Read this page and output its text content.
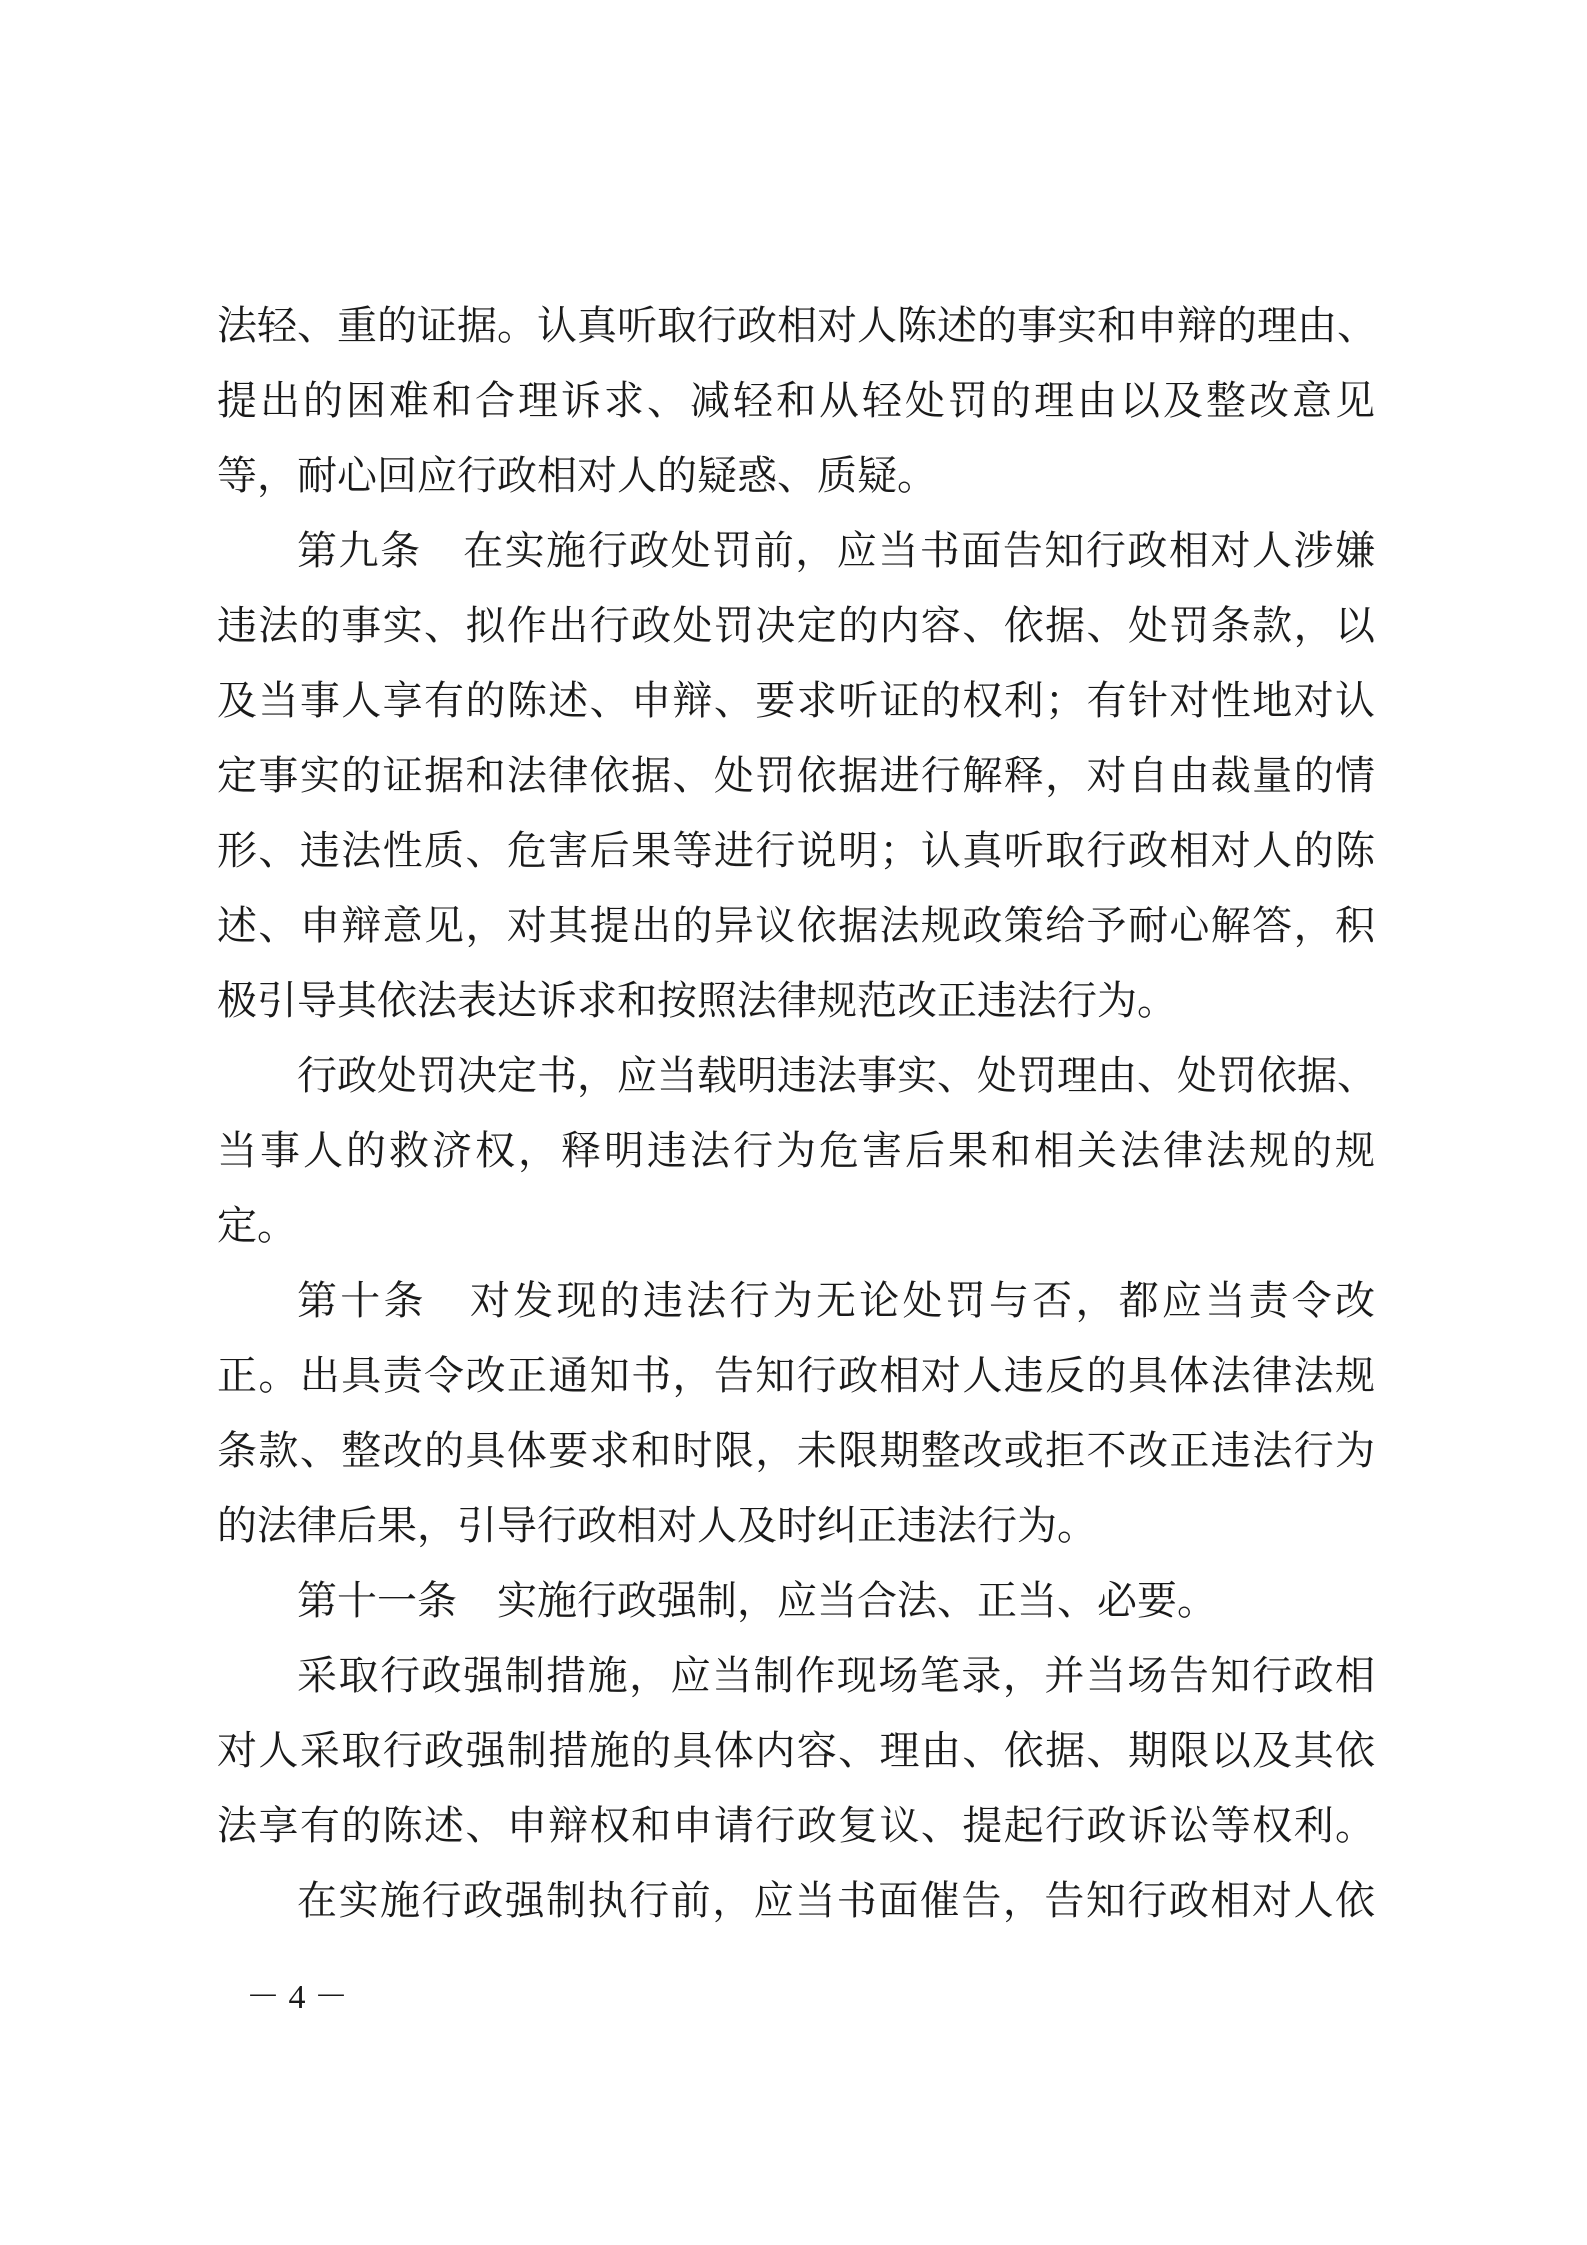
法轻、重的证据。认真听取行政相对人陈述的事实和申辩的理由、
提出的困难和合理诉求、减轻和从轻处罚的理由以及整改意见
等，耐心回应行政相对人的疑惑、质疑。
第九条　在实施行政处罚前，应当书面告知行政相对人涉嫌
违法的事实、拟作出行政处罚决定的内容、依据、处罚条款，以
及当事人享有的陈述、申辩、要求听证的权利；有针对性地对认
定事实的证据和法律依据、处罚依据进行解释，对自由裁量的情
形、违法性质、危害后果等进行说明；认真听取行政相对人的陈
述、申辩意见，对其提出的异议依据法规政策给予耐心解答，积
极引导其依法表达诉求和按照法律规范改正违法行为。
行政处罚决定书，应当载明违法事实、处罚理由、处罚依据、
当事人的救济权，释明违法行为危害后果和相关法律法规的规
定。
第十条　对发现的违法行为无论处罚与否，都应当责令改
正。出具责令改正通知书，告知行政相对人违反的具体法律法规
条款、整改的具体要求和时限，未限期整改或拒不改正违法行为
的法律后果，引导行政相对人及时纠正违法行为。
第十一条　实施行政强制，应当合法、正当、必要。
采取行政强制措施，应当制作现场笔录，并当场告知行政相
对人采取行政强制措施的具体内容、理由、依据、期限以及其依
法享有的陈述、申辩权和申请行政复议、提起行政诉讼等权利。
在实施行政强制执行前，应当书面催告，告知行政相对人依
－ 4 －
